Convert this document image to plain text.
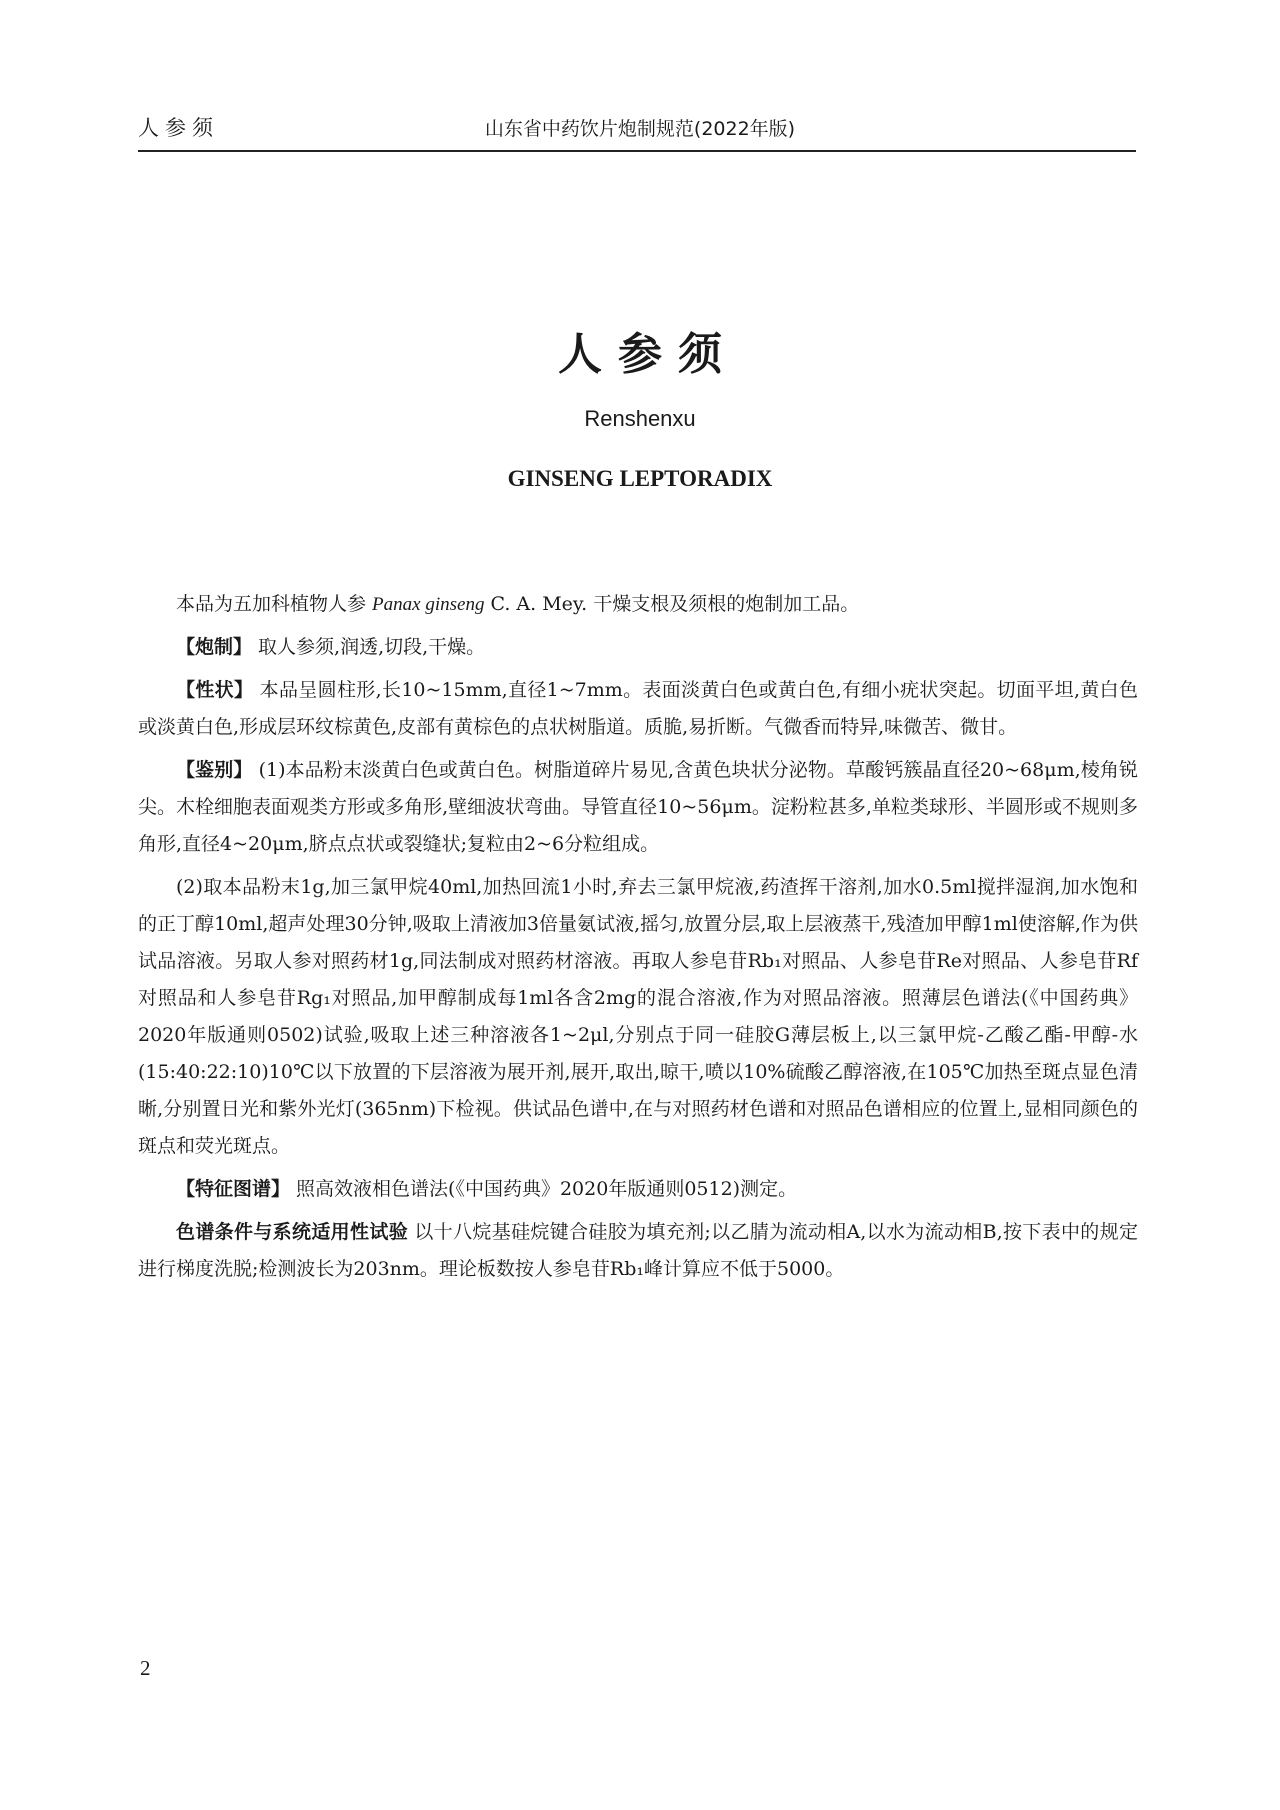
人参须	山东省中药饮片炮制规范(2022年版)
人参须
Renshenxu
GINSENG LEPTORADIX

本品为五加科植物人参 Panax ginseng C. A. Mey. 干燥支根及须根的炮制加工品。

【炮制】 取人参须,润透,切段,干燥。

【性状】 本品呈圆柱形,长10~15mm,直径1~7mm。表面淡黄白色或黄白色,有细小疣状突起。切面平坦,黄白色或淡黄白色,形成层环纹棕黄色,皮部有黄棕色的点状树脂道。质脆,易折断。气微香而特异,味微苦、微甘。

【鉴别】 (1)本品粉末淡黄白色或黄白色。树脂道碎片易见,含黄色块状分泌物。草酸钙簇晶直径20~68μm,棱角锐尖。木栓细胞表面观类方形或多角形,壁细波状弯曲。导管直径10~56μm。淀粉粒甚多,单粒类球形、半圆形或不规则多角形,直径4~20μm,脐点点状或裂缝状;复粒由2~6分粒组成。

(2)取本品粉末1g,加三氯甲烷40ml,加热回流1小时,弃去三氯甲烷液,药渣挥干溶剂,加水0.5ml搅拌湿润,加水饱和的正丁醇10ml,超声处理30分钟,吸取上清液加3倍量氨试液,摇匀,放置分层,取上层液蒸干,残渣加甲醇1ml使溶解,作为供试品溶液。另取人参对照药材1g,同法制成对照药材溶液。再取人参皂苷Rb₁对照品、人参皂苷Re对照品、人参皂苷Rf对照品和人参皂苷Rg₁对照品,加甲醇制成每1ml各含2mg的混合溶液,作为对照品溶液。照薄层色谱法(《中国药典》2020年版通则0502)试验,吸取上述三种溶液各1~2μl,分别点于同一硅胶G薄层板上,以三氯甲烷-乙酸乙酯-甲醇-水(15:40:22:10)10℃以下放置的下层溶液为展开剂,展开,取出,晾干,喷以10%硫酸乙醇溶液,在105℃加热至斑点显色清晰,分别置日光和紫外光灯(365nm)下检视。供试品色谱中,在与对照药材色谱和对照品色谱相应的位置上,显相同颜色的斑点和荧光斑点。

【特征图谱】 照高效液相色谱法(《中国药典》2020年版通则0512)测定。

色谱条件与系统适用性试验 以十八烷基硅烷键合硅胶为填充剂;以乙腈为流动相A,以水为流动相B,按下表中的规定进行梯度洗脱;检测波长为203nm。理论板数按人参皂苷Rb₁峰计算应不低于5000。

2
